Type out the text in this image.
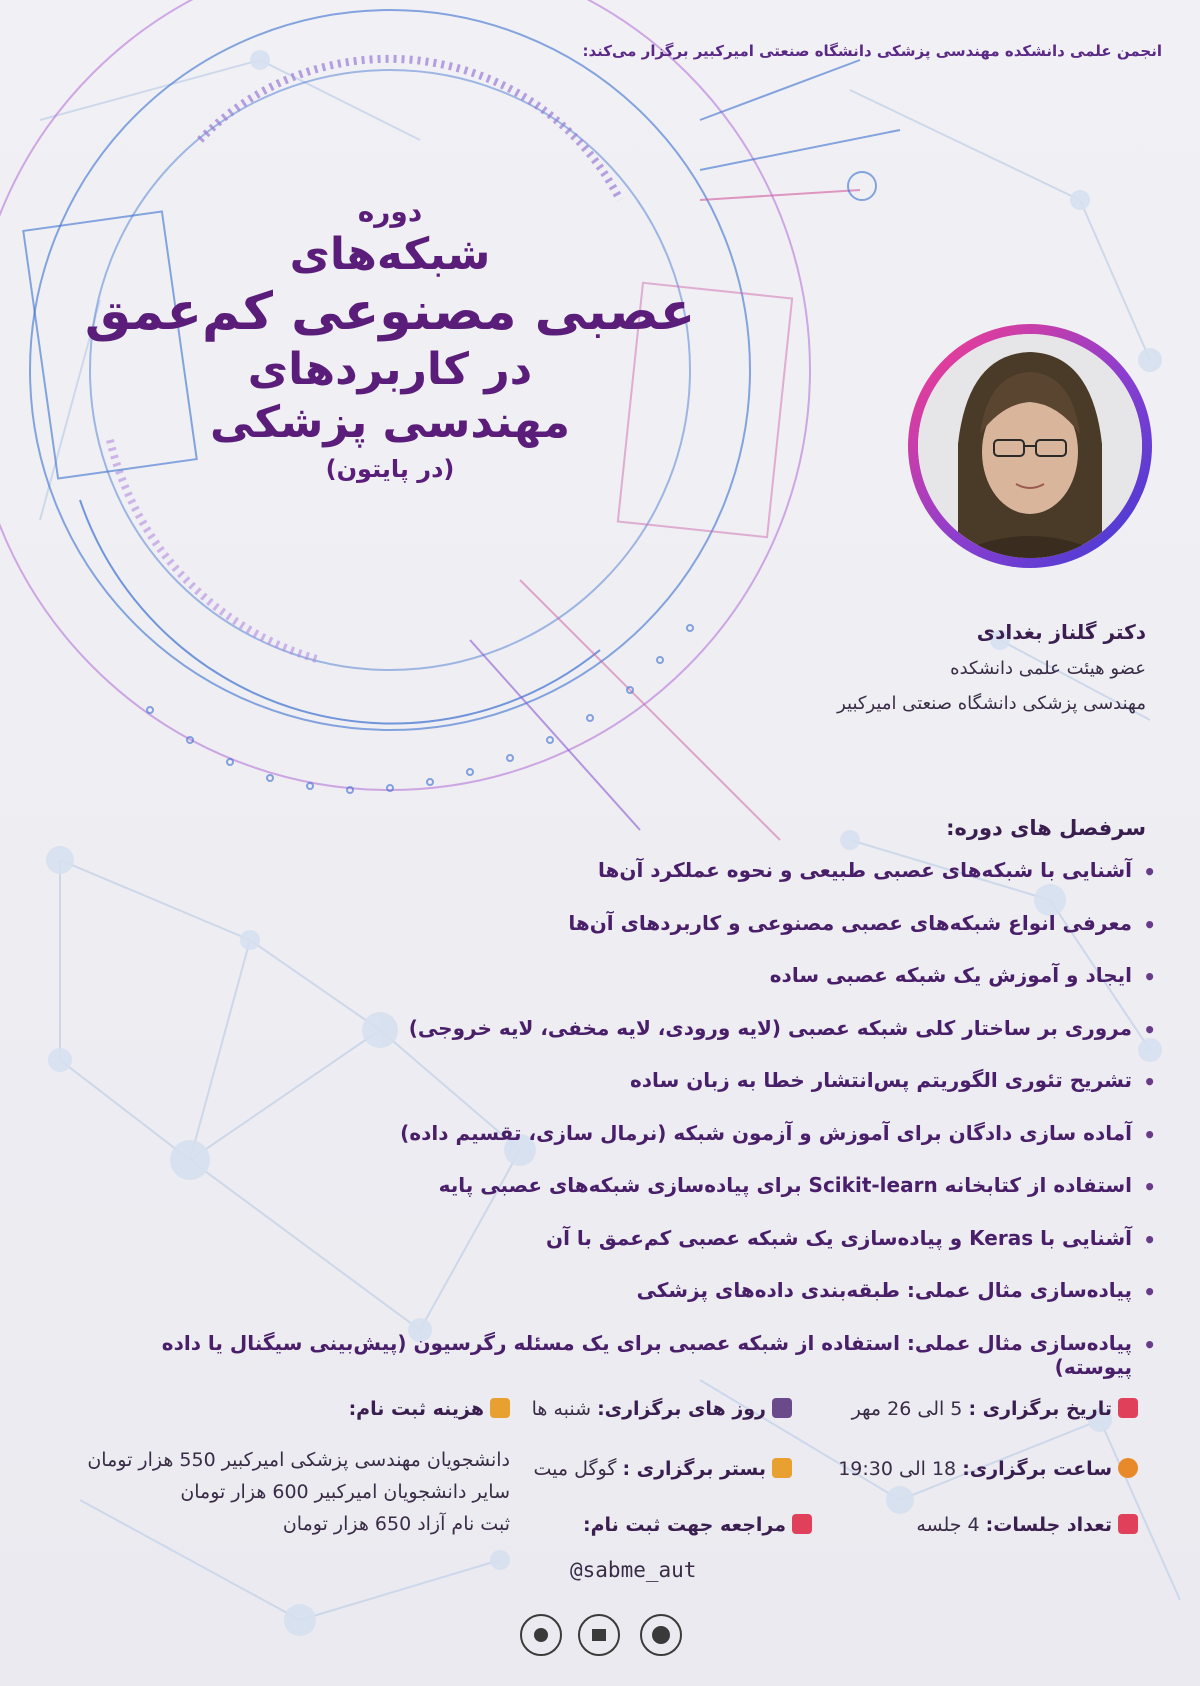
انجمن علمی دانشکده مهندسی پزشکی دانشگاه صنعتی امیرکبیر برگزار می‌کند:
دوره
شبکه‌های
عصبی مصنوعی کم‌عمق
در کاربردهای
مهندسی پزشکی
(در پایتون)
دکتر گلناز بغدادی
عضو هیئت علمی دانشکده
مهندسی پزشکی دانشگاه صنعتی امیرکبیر
سرفصل های دوره:
•
آشنایی با شبکه‌های عصبی طبیعی و نحوه عملکرد آن‌ها
•
معرفی انواع شبکه‌های عصبی مصنوعی و کاربردهای آن‌ها
•
ایجاد و آموزش یک شبکه عصبی ساده
•
مروری بر ساختار کلی شبکه عصبی (لایه ورودی، لایه مخفی، لایه خروجی)
•
تشریح تئوری الگوریتم پس‌انتشار خطا به زبان ساده
•
آماده سازی دادگان برای آموزش و آزمون شبکه (نرمال سازی، تقسیم داده)
•
استفاده از کتابخانه Scikit-learn برای پیاده‌سازی شبکه‌های عصبی پایه
•
آشنایی با Keras و پیاده‌سازی یک شبکه عصبی کم‌عمق با آن
•
پیاده‌سازی مثال عملی: طبقه‌بندی داده‌های پزشکی
•
پیاده‌سازی مثال عملی: استفاده از شبکه عصبی برای یک مسئله رگرسیون (پیش‌بینی سیگنال یا داده پیوسته)
تاریخ برگزاری : 5 الی 26 مهر
ساعت برگزاری: 18 الی 19:30
تعداد جلسات: 4 جلسه
روز های برگزاری: شنبه ها
بستر برگزاری : گوگل میت
مراجعه جهت ثبت نام:
@sabme_aut
هزینه ثبت نام:
دانشجویان مهندسی پزشکی امیرکبیر 550 هزار تومان
سایر دانشجویان امیرکبیر 600 هزار تومان
ثبت نام آزاد 650 هزار تومان
